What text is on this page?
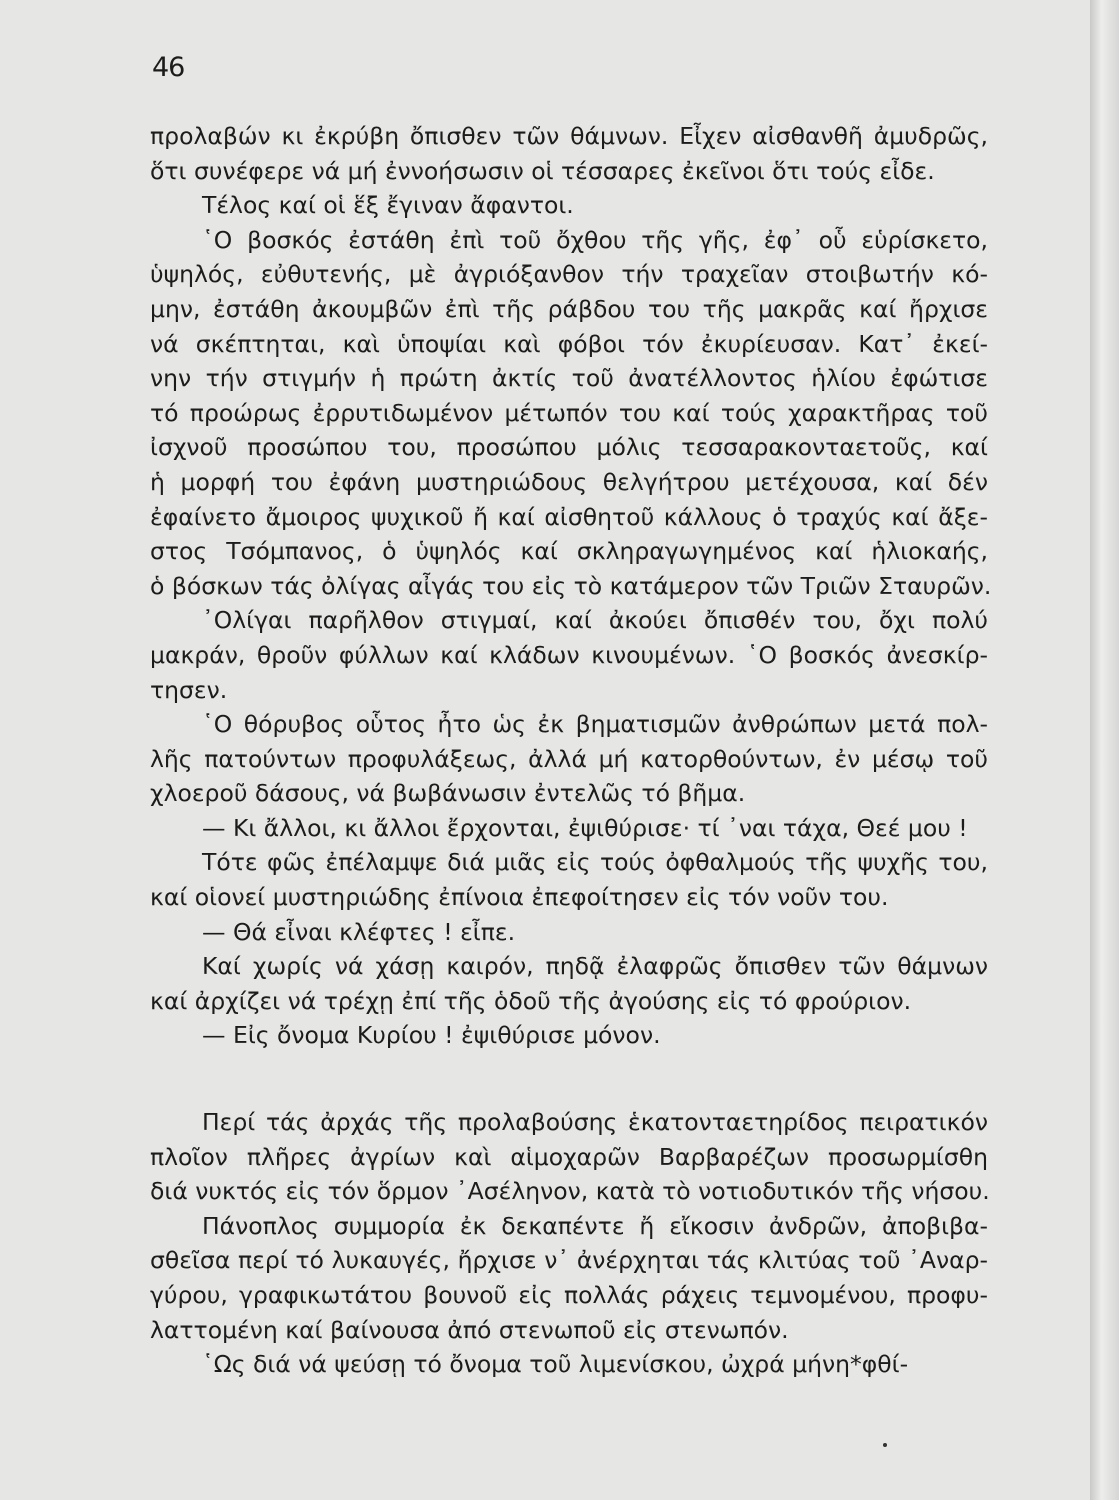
46
προλαβών κι ἐκρύβη ὄπισθεν τῶν θάμνων. Εἶχεν αἰσθανθῆ ἀμυδρῶς,
ὅτι συνέφερε νά μή ἐννοήσωσιν οἱ τέσσαρες ἐκεῖνοι ὅτι τούς εἶδε.
Τέλος καί οἱ ἕξ ἔγιναν ἄφαντοι.
῾Ο βοσκός ἐστάθη ἐπὶ τοῦ ὄχθου τῆς γῆς, ἐφ᾽ οὗ εὑρίσκετο,
ὑψηλός, εὐθυτενής, μὲ ἀγριόξανθον τήν τραχεῖαν στοιβωτήν κό-
μην, ἐστάθη ἀκουμβῶν ἐπὶ τῆς ράβδου του τῆς μακρᾶς καί ἤρχισε
νά σκέπτηται, καὶ ὑποψίαι καὶ φόβοι τόν ἐκυρίευσαν. Κατ᾽ ἐκεί-
νην τήν στιγμήν ἡ πρώτη ἀκτίς τοῦ ἀνατέλλοντος ἡλίου ἐφώτισε
τό προώρως ἐρρυτιδωμένον μέτωπόν του καί τούς χαρακτῆρας τοῦ
ἰσχνοῦ προσώπου του, προσώπου μόλις τεσσαρακονταετοῦς, καί
ἡ μορφή του ἐφάνη μυστηριώδους θελγήτρου μετέχουσα, καί δέν
ἐφαίνετο ἄμοιρος ψυχικοῦ ἤ καί αἰσθητοῦ κάλλους ὁ τραχύς καί ἄξε-
στος Τσόμπανος, ὁ ὑψηλός καί σκληραγωγημένος καί ἡλιοκαής,
ὁ βόσκων τάς ὀλίγας αἶγάς του εἰς τὸ κατάμερον τῶν Τριῶν Σταυρῶν.
᾽Ολίγαι παρῆλθον στιγμαί, καί ἀκούει ὄπισθέν του, ὄχι πολύ
μακράν, θροῦν φύλλων καί κλάδων κινουμένων. ῾Ο βοσκός ἀνεσκίρ-
τησεν.
῾Ο θόρυβος οὗτος ἦτο ὡς ἐκ βηματισμῶν ἀνθρώπων μετά πολ-
λῆς πατούντων προφυλάξεως, ἀλλά μή κατορθούντων, ἐν μέσῳ τοῦ
χλοεροῦ δάσους, νά βωβάνωσιν ἐντελῶς τό βῆμα.
— Κι ἄλλοι, κι ἄλλοι ἔρχονται, ἐψιθύρισε· τί ᾽ναι τάχα, Θεέ μου !
Τότε φῶς ἐπέλαμψε διά μιᾶς εἰς τούς ὀφθαλμούς τῆς ψυχῆς του,
καί οἱονεί μυστηριώδης ἐπίνοια ἐπεφοίτησεν εἰς τόν νοῦν του.
— Θά εἶναι κλέφτες ! εἶπε.
Καί χωρίς νά χάσῃ καιρόν, πηδᾷ ἐλαφρῶς ὄπισθεν τῶν θάμνων
καί ἀρχίζει νά τρέχῃ ἐπί τῆς ὁδοῦ τῆς ἀγούσης εἰς τό φρούριον.
— Εἰς ὄνομα Κυρίου ! ἐψιθύρισε μόνον.
Περί τάς ἀρχάς τῆς προλαβούσης ἑκατονταετηρίδος πειρατικόν
πλοῖον πλῆρες ἀγρίων καὶ αἱμοχαρῶν Βαρβαρέζων προσωρμίσθη
διά νυκτός εἰς τόν ὅρμον ᾽Ασέληνον, κατὰ τὸ νοτιοδυτικόν τῆς νήσου.
Πάνοπλος συμμορία ἐκ δεκαπέντε ἤ εἴκοσιν ἀνδρῶν, ἀποβιβα-
σθεῖσα περί τό λυκαυγές, ἤρχισε ν᾽ ἀνέρχηται τάς κλιτύας τοῦ ᾽Αναρ-
γύρου, γραφικωτάτου βουνοῦ εἰς πολλάς ράχεις τεμνομένου, προφυ-
λαττομένη καί βαίνουσα ἀπό στενωποῦ εἰς στενωπόν.
῾Ως διά νά ψεύσῃ τό ὄνομα τοῦ λιμενίσκου, ὠχρά μήνη*φθί-
